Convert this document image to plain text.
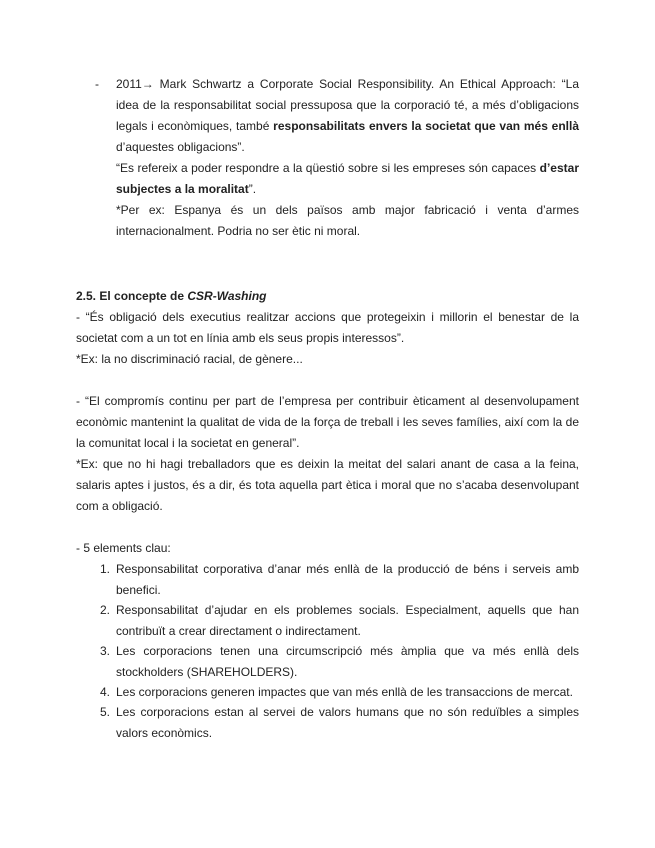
- 2011→ Mark Schwartz a Corporate Social Responsibility. An Ethical Approach: “La idea de la responsabilitat social pressuposa que la corporació té, a més d’obligacions legals i econòmiques, també responsabilitats envers la societat que van més enllà d’aquestes obligacions”.

“Es refereix a poder respondre a la qüestió sobre si les empreses són capaces d’estar subjectes a la moralitat”.

*Per ex: Espanya és un dels països amb major fabricació i venta d’armes internacionalment. Podria no ser ètic ni moral.

2.5. El concepte de CSR-Washing

- “És obligació dels executius realitzar accions que protegeixin i millorin el benestar de la societat com a un tot en línia amb els seus propis interessos”.

*Ex: la no discriminació racial, de gènere...

- “El compromís continu per part de l’empresa per contribuir èticament al desenvolupament econòmic mantenint la qualitat de vida de la força de treball i les seves famílies, així com la de la comunitat local i la societat en general”.

*Ex: que no hi hagi treballadors que es deixin la meitat del salari anant de casa a la feina, salaris aptes i justos, és a dir, és tota aquella part ètica i moral que no s’acaba desenvolupant com a obligació.

- 5 elements clau:

1. Responsabilitat corporativa d’anar més enllà de la producció de béns i serveis amb benefici.

2. Responsabilitat d’ajudar en els problemes socials. Especialment, aquells que han contribuït a crear directament o indirectament.

3. Les corporacions tenen una circumscripció més àmplia que va més enllà dels stockholders (SHAREHOLDERS).

4. Les corporacions generen impactes que van més enllà de les transaccions de mercat.

5. Les corporacions estan al servei de valors humans que no són reduïbles a simples valors econòmics.
